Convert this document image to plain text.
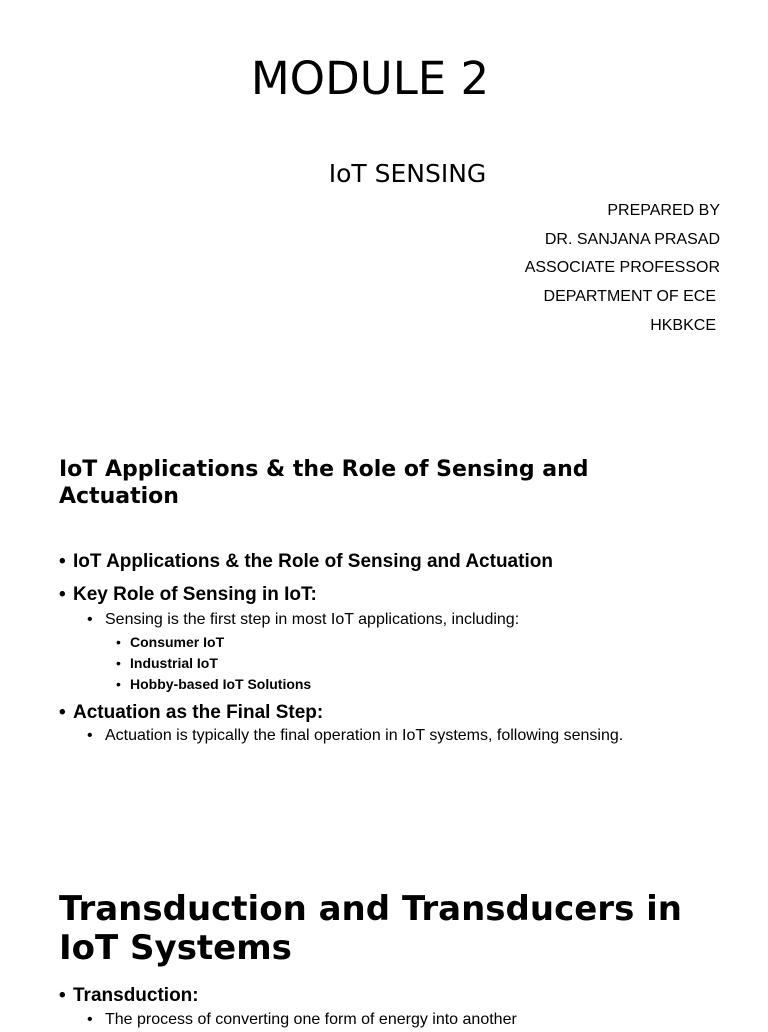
MODULE 2

IoT SENSING

PREPARED BY
DR. SANJANA PRASAD
ASSOCIATE PROFESSOR
DEPARTMENT OF ECE
HKBKCE
IoT Applications & the Role of Sensing and Actuation
• IoT Applications & the Role of Sensing and Actuation
• Key Role of Sensing in IoT:
• Sensing is the first step in most IoT applications, including:
• Consumer IoT
• Industrial IoT
• Hobby-based IoT Solutions
• Actuation as the Final Step:
• Actuation is typically the final operation in IoT systems, following sensing.
Transduction and Transducers in IoT Systems
• Transduction:
• The process of converting one form of energy into another
